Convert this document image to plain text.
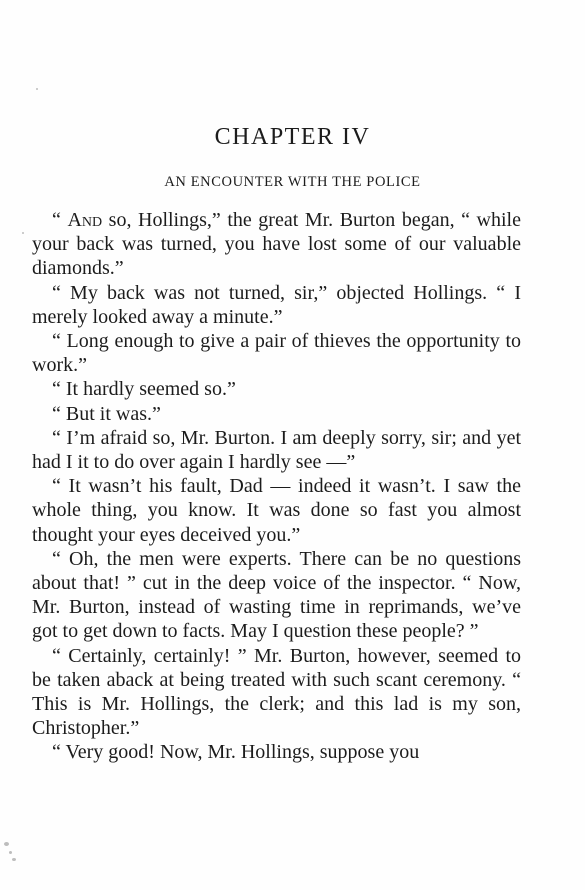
CHAPTER IV
AN ENCOUNTER WITH THE POLICE

“ And so, Hollings,” the great Mr. Burton began, “ while your back was turned, you have lost some of our valuable diamonds.”

“ My back was not turned, sir,” objected Hollings. “ I merely looked away a minute.”

“ Long enough to give a pair of thieves the opportunity to work.”

“ It hardly seemed so.”

“ But it was.”

“ I’m afraid so, Mr. Burton. I am deeply sorry, sir; and yet had I it to do over again I hardly see —”

“ It wasn’t his fault, Dad — indeed it wasn’t. I saw the whole thing, you know. It was done so fast you almost thought your eyes deceived you.”

“ Oh, the men were experts. There can be no questions about that! ” cut in the deep voice of the inspector. “ Now, Mr. Burton, instead of wasting time in reprimands, we’ve got to get down to facts. May I question these people? ”

“ Certainly, certainly! ” Mr. Burton, however, seemed to be taken aback at being treated with such scant ceremony. “ This is Mr. Hollings, the clerk; and this lad is my son, Christopher.”

“ Very good! Now, Mr. Hollings, suppose you
